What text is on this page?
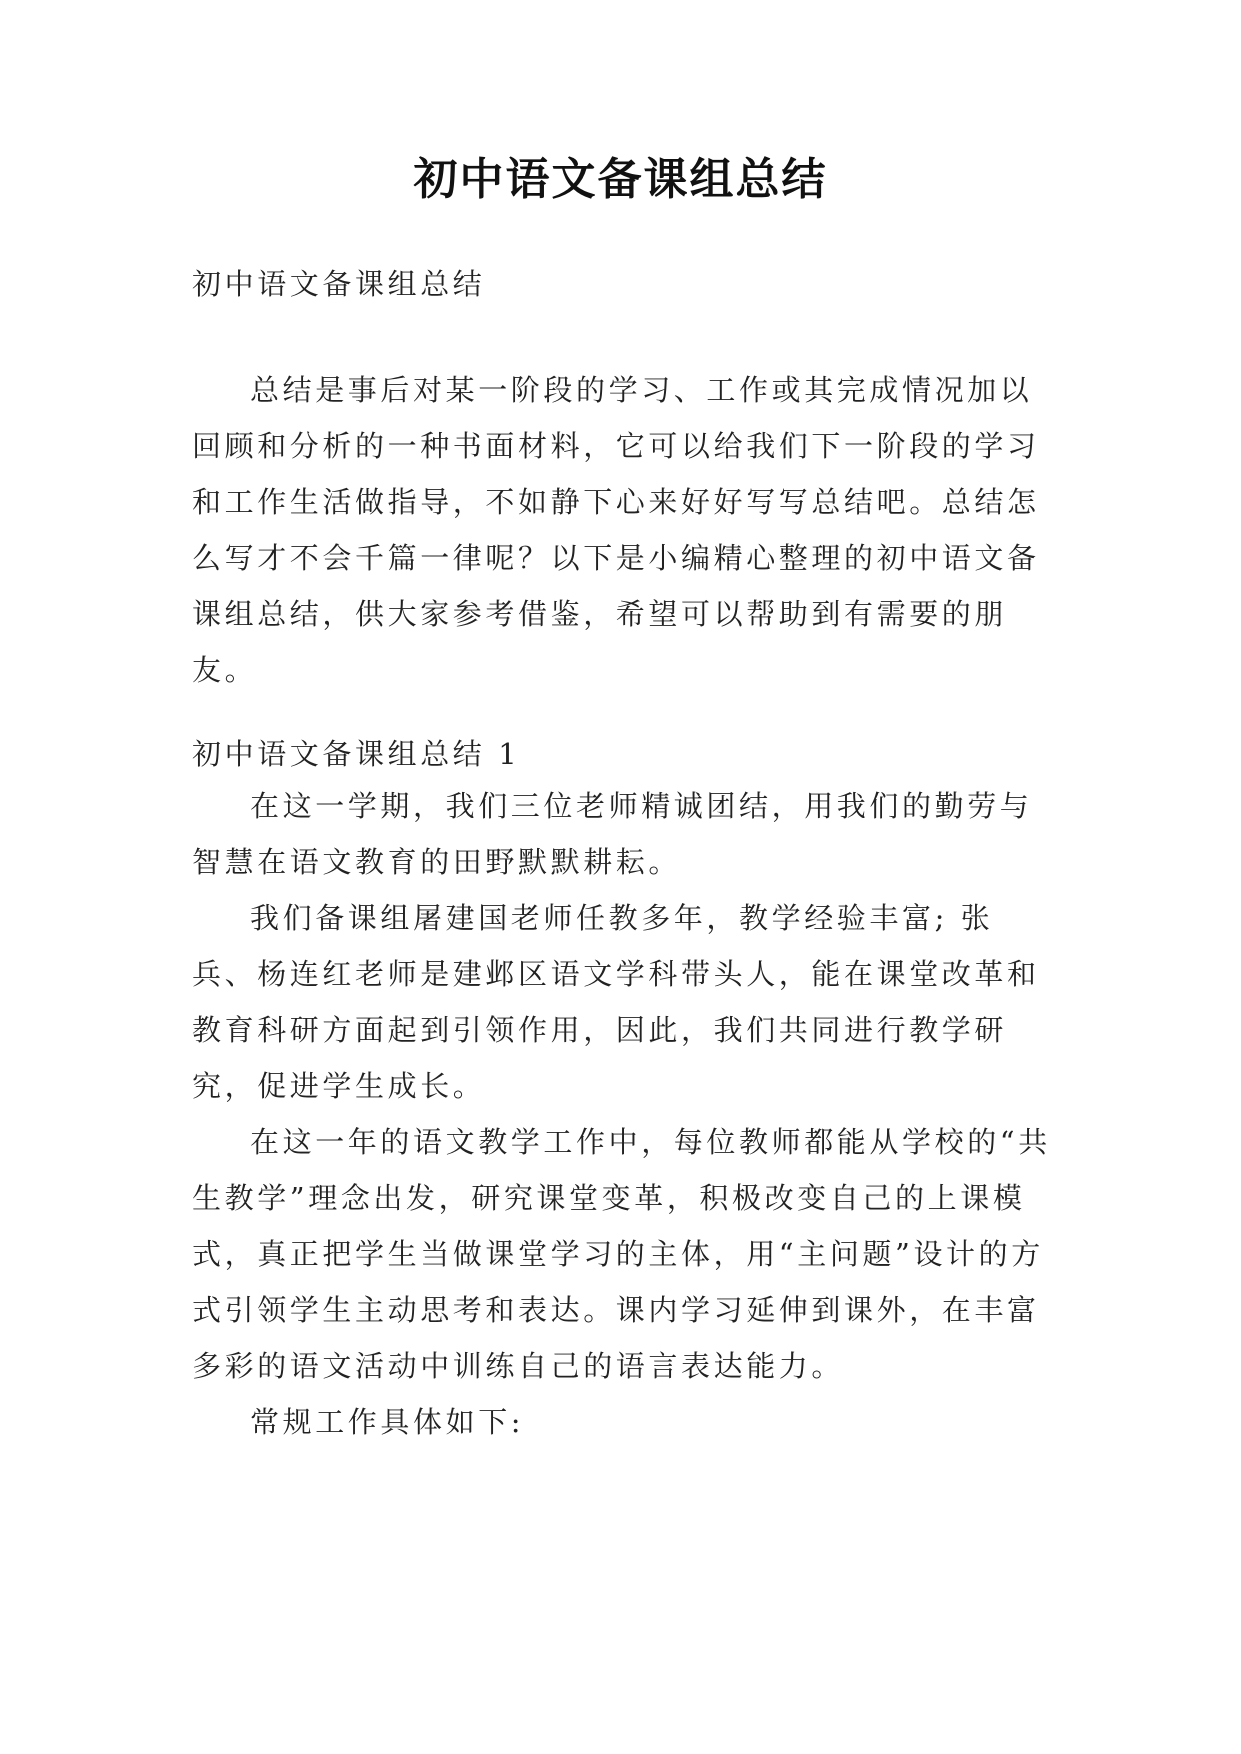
初中语文备课组总结
初中语文备课组总结

总结是事后对某一阶段的学习、工作或其完成情况加以回顾和分析的一种书面材料，它可以给我们下一阶段的学习和工作生活做指导，不如静下心来好好写写总结吧。总结怎么写才不会千篇一律呢？以下是小编精心整理的初中语文备课组总结，供大家参考借鉴，希望可以帮助到有需要的朋友。

初中语文备课组总结 1

在这一学期，我们三位老师精诚团结，用我们的勤劳与智慧在语文教育的田野默默耕耘。

我们备课组屠建国老师任教多年，教学经验丰富; 张兵、杨连红老师是建邺区语文学科带头人，能在课堂改革和教育科研方面起到引领作用，因此，我们共同进行教学研究，促进学生成长。

在这一年的语文教学工作中，每位教师都能从学校的“共生教学”理念出发，研究课堂变革，积极改变自己的上课模式，真正把学生当做课堂学习的主体，用“主问题”设计的方式引领学生主动思考和表达。课内学习延伸到课外，在丰富多彩的语文活动中训练自己的语言表达能力。

常规工作具体如下:
